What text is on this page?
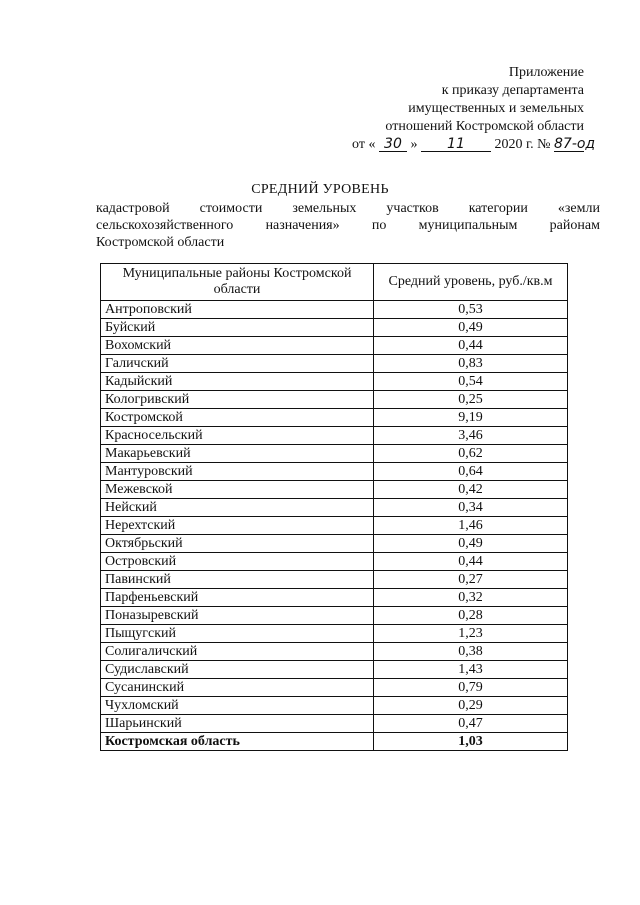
Приложение
к приказу департамента
имущественных и земельных
отношений Костромской области
от « 30 » 11 2020 г. № 87-од
СРЕДНИЙ УРОВЕНЬ
кадастровой стоимости земельных участков категории «земли
сельскохозяйственного назначения» по муниципальным районам
Костромской области
Муниципальные районы Костромской области	Средний уровень, руб./кв.м
Антроповский	0,53
Буйский	0,49
Вохомский	0,44
Галичский	0,83
Кадыйский	0,54
Кологривский	0,25
Костромской	9,19
Красносельский	3,46
Макарьевский	0,62
Мантуровский	0,64
Межевской	0,42
Нейский	0,34
Нерехтский	1,46
Октябрьский	0,49
Островский	0,44
Павинский	0,27
Парфеньевский	0,32
Поназыревский	0,28
Пыщугский	1,23
Солигаличский	0,38
Судиславский	1,43
Сусанинский	0,79
Чухломский	0,29
Шарьинский	0,47
Костромская область	1,03
